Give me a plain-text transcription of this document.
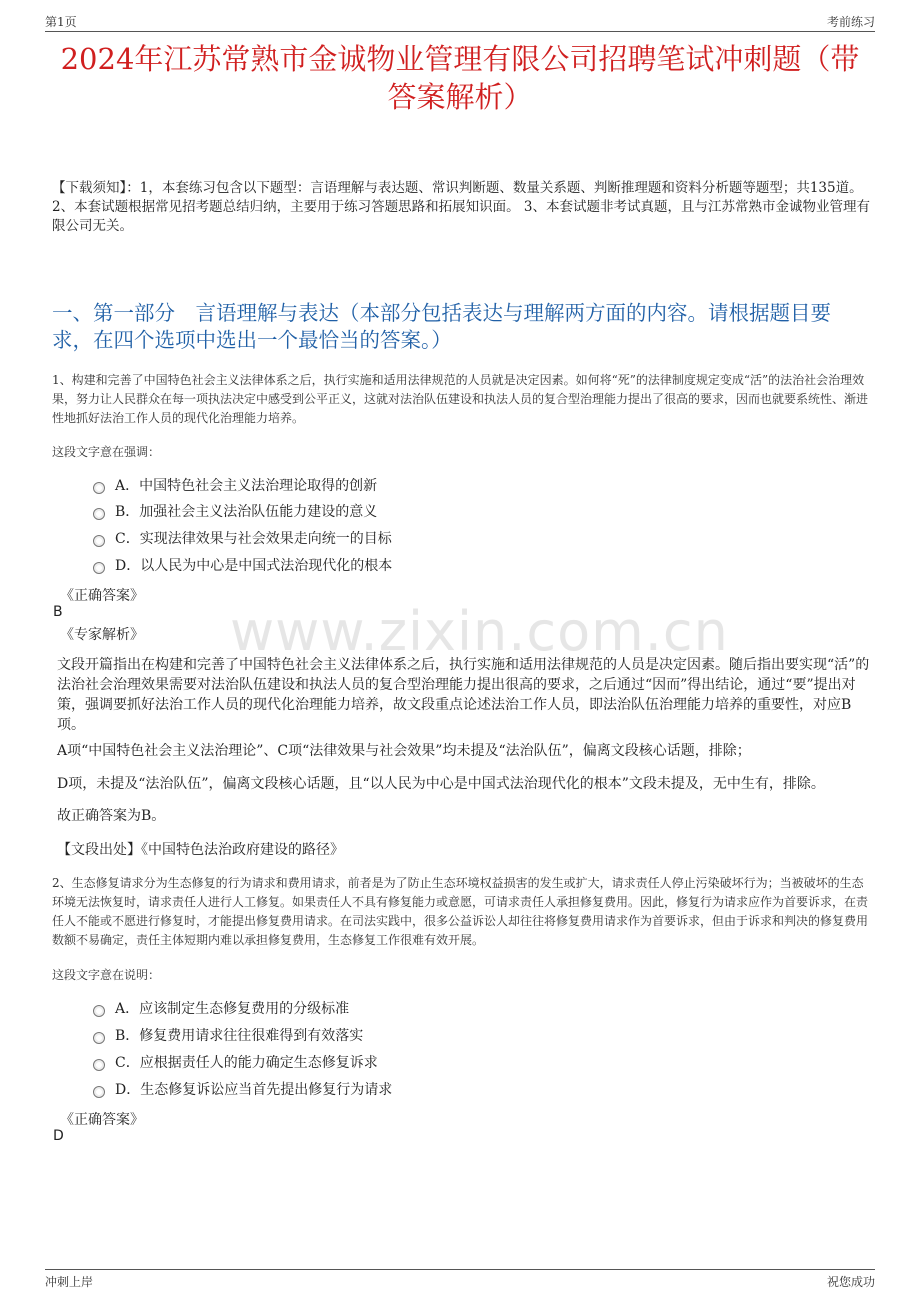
第1页	考前练习
2024年江苏常熟市金诚物业管理有限公司招聘笔试冲刺题（带答案解析）
【下载须知】：1，本套练习包含以下题型：言语理解与表达题、常识判断题、数量关系题、判断推理题和资料分析题等题型；共135道。 2、本套试题根据常见招考题总结归纳，主要用于练习答题思路和拓展知识面。 3、本套试题非考试真题，且与江苏常熟市金诚物业管理有限公司无关。
一、第一部分　言语理解与表达（本部分包括表达与理解两方面的内容。请根据题目要求，在四个选项中选出一个最恰当的答案。）
www.zixin.com.cn
1、构建和完善了中国特色社会主义法律体系之后，执行实施和适用法律规范的人员就是决定因素。如何将“死”的法律制度规定变成“活”的法治社会治理效果，努力让人民群众在每一项执法决定中感受到公平正义，这就对法治队伍建设和执法人员的复合型治理能力提出了很高的要求，因而也就要系统性、渐进性地抓好法治工作人员的现代化治理能力培养。
这段文字意在强调：
A．中国特色社会主义法治理论取得的创新
B．加强社会主义法治队伍能力建设的意义
C．实现法律效果与社会效果走向统一的目标
D．以人民为中心是中国式法治现代化的根本
《正确答案》
B
《专家解析》
文段开篇指出在构建和完善了中国特色社会主义法律体系之后，执行实施和适用法律规范的人员是决定因素。随后指出要实现“活”的法治社会治理效果需要对法治队伍建设和执法人员的复合型治理能力提出很高的要求，之后通过“因而”得出结论，通过“要”提出对策，强调要抓好法治工作人员的现代化治理能力培养，故文段重点论述法治工作人员，即法治队伍治理能力培养的重要性，对应B项。
A项“中国特色社会主义法治理论”、C项“法律效果与社会效果”均未提及“法治队伍”，偏离文段核心话题，排除；
D项，未提及“法治队伍”，偏离文段核心话题，且“以人民为中心是中国式法治现代化的根本”文段未提及，无中生有，排除。
故正确答案为B。
【文段出处】《中国特色法治政府建设的路径》
2、生态修复请求分为生态修复的行为请求和费用请求，前者是为了防止生态环境权益损害的发生或扩大，请求责任人停止污染破坏行为；当被破坏的生态环境无法恢复时，请求责任人进行人工修复。如果责任人不具有修复能力或意愿，可请求责任人承担修复费用。因此，修复行为请求应作为首要诉求，在责任人不能或不愿进行修复时，才能提出修复费用请求。在司法实践中，很多公益诉讼人却往往将修复费用请求作为首要诉求，但由于诉求和判决的修复费用数额不易确定，责任主体短期内难以承担修复费用，生态修复工作很难有效开展。
这段文字意在说明：
A．应该制定生态修复费用的分级标准
B．修复费用请求往往很难得到有效落实
C．应根据责任人的能力确定生态修复诉求
D．生态修复诉讼应当首先提出修复行为请求
《正确答案》
D
冲刺上岸	祝您成功
